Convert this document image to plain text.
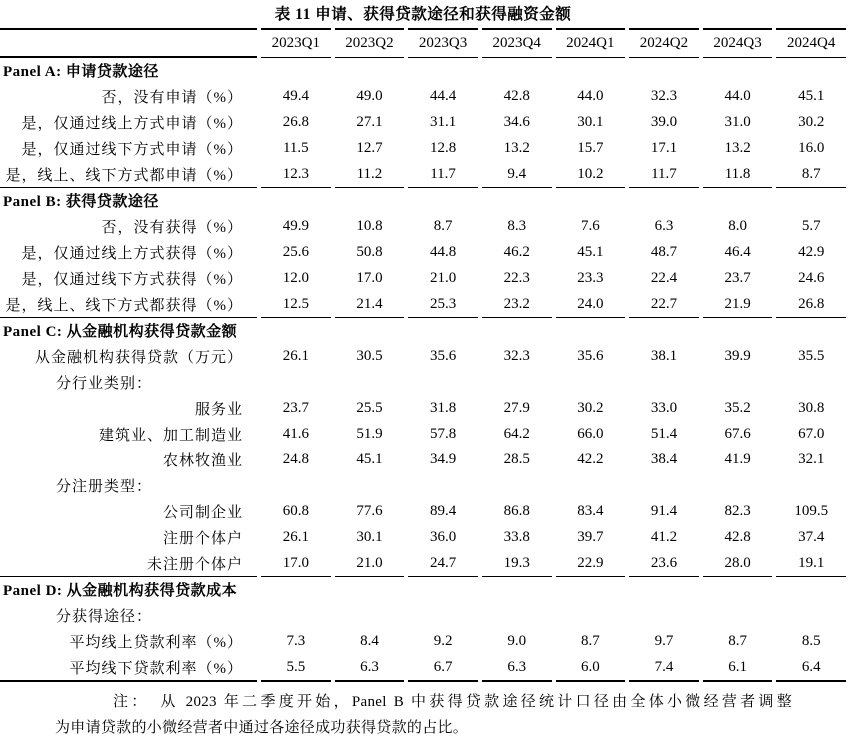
表 11 申请、获得贷款途径和获得融资金额
	2023Q1	2023Q2	2023Q3	2023Q4	2024Q1	2024Q2	2024Q3	2024Q4
Panel A: 申请贷款途径								
否，没有申请（%）	49.4	49.0	44.4	42.8	44.0	32.3	44.0	45.1
是，仅通过线上方式申请（%）	26.8	27.1	31.1	34.6	30.1	39.0	31.0	30.2
是，仅通过线下方式申请（%）	11.5	12.7	12.8	13.2	15.7	17.1	13.2	16.0
是，线上、线下方式都申请（%）	12.3	11.2	11.7	9.4	10.2	11.7	11.8	8.7
Panel B: 获得贷款途径								
否，没有获得（%）	49.9	10.8	8.7	8.3	7.6	6.3	8.0	5.7
是，仅通过线上方式获得（%）	25.6	50.8	44.8	46.2	45.1	48.7	46.4	42.9
是，仅通过线下方式获得（%）	12.0	17.0	21.0	22.3	23.3	22.4	23.7	24.6
是，线上、线下方式都获得（%）	12.5	21.4	25.3	23.2	24.0	22.7	21.9	26.8
Panel C: 从金融机构获得贷款金额								
从金融机构获得贷款（万元）	26.1	30.5	35.6	32.3	35.6	38.1	39.9	35.5
分行业类别：								
服务业	23.7	25.5	31.8	27.9	30.2	33.0	35.2	30.8
建筑业、加工制造业	41.6	51.9	57.8	64.2	66.0	51.4	67.6	67.0
农林牧渔业	24.8	45.1	34.9	28.5	42.2	38.4	41.9	32.1
分注册类型：								
公司制企业	60.8	77.6	89.4	86.8	83.4	91.4	82.3	109.5
注册个体户	26.1	30.1	36.0	33.8	39.7	41.2	42.8	37.4
未注册个体户	17.0	21.0	24.7	19.3	22.9	23.6	28.0	19.1
Panel D: 从金融机构获得贷款成本								
分获得途径：								
平均线上贷款利率（%）	7.3	8.4	9.2	9.0	8.7	9.7	8.7	8.5
平均线下贷款利率（%）	5.5	6.3	6.7	6.3	6.0	7.4	6.1	6.4
注：　从 2023 年二季度开始，Panel B 中获得贷款途径统计口径由全体小微经营者调整
为申请贷款的小微经营者中通过各途径成功获得贷款的占比。
